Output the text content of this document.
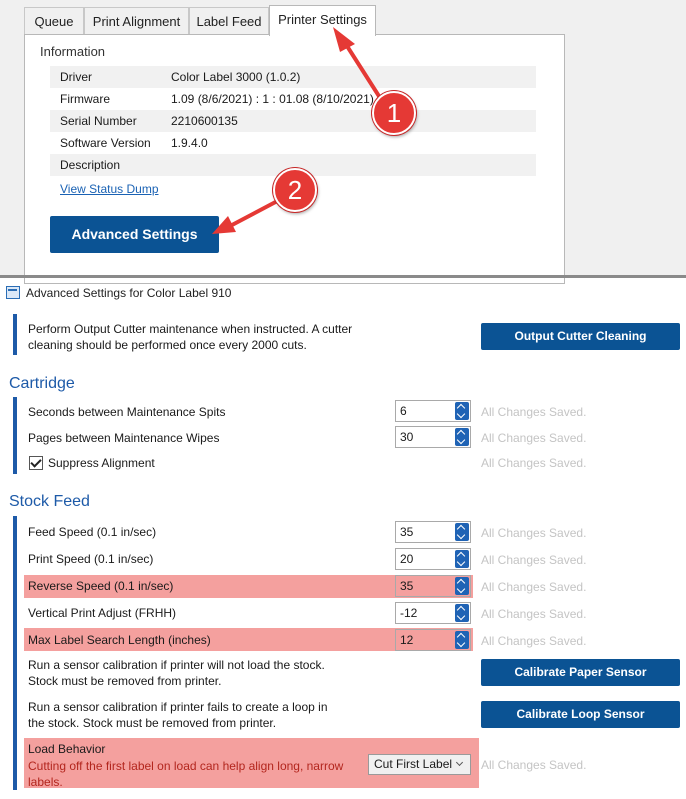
Queue	Print Alignment	Label Feed	Printer Settings
Information
Driver	Color Label 3000 (1.0.2)
Firmware	1.09 (8/6/2021) : 1 : 01.08 (8/10/2021)
Serial Number	2210600135
Software Version 1.9.4.0
Description
View Status Dump
Advanced Settings
1
2
Advanced Settings for Color Label 910
Perform Output Cutter maintenance when instructed. A cutter cleaning should be performed once every 2000 cuts.
Output Cutter Cleaning
Cartridge
Seconds between Maintenance Spits	6	All Changes Saved.
Pages between Maintenance Wipes	30	All Changes Saved.
Suppress Alignment	All Changes Saved.
Stock Feed
Feed Speed (0.1 in/sec)	35	All Changes Saved.
Print Speed (0.1 in/sec)	20	All Changes Saved.
Reverse Speed (0.1 in/sec)	35	All Changes Saved.
Vertical Print Adjust (FRHH)	-12	All Changes Saved.
Max Label Search Length (inches)	12	All Changes Saved.
Run a sensor calibration if printer will not load the stock. Stock must be removed from printer.
Calibrate Paper Sensor
Run a sensor calibration if printer fails to create a loop in the stock. Stock must be removed from printer.
Calibrate Loop Sensor
Load Behavior
Cutting off the first label on load can help align long, narrow labels.
Cut First Label All Changes Saved.
